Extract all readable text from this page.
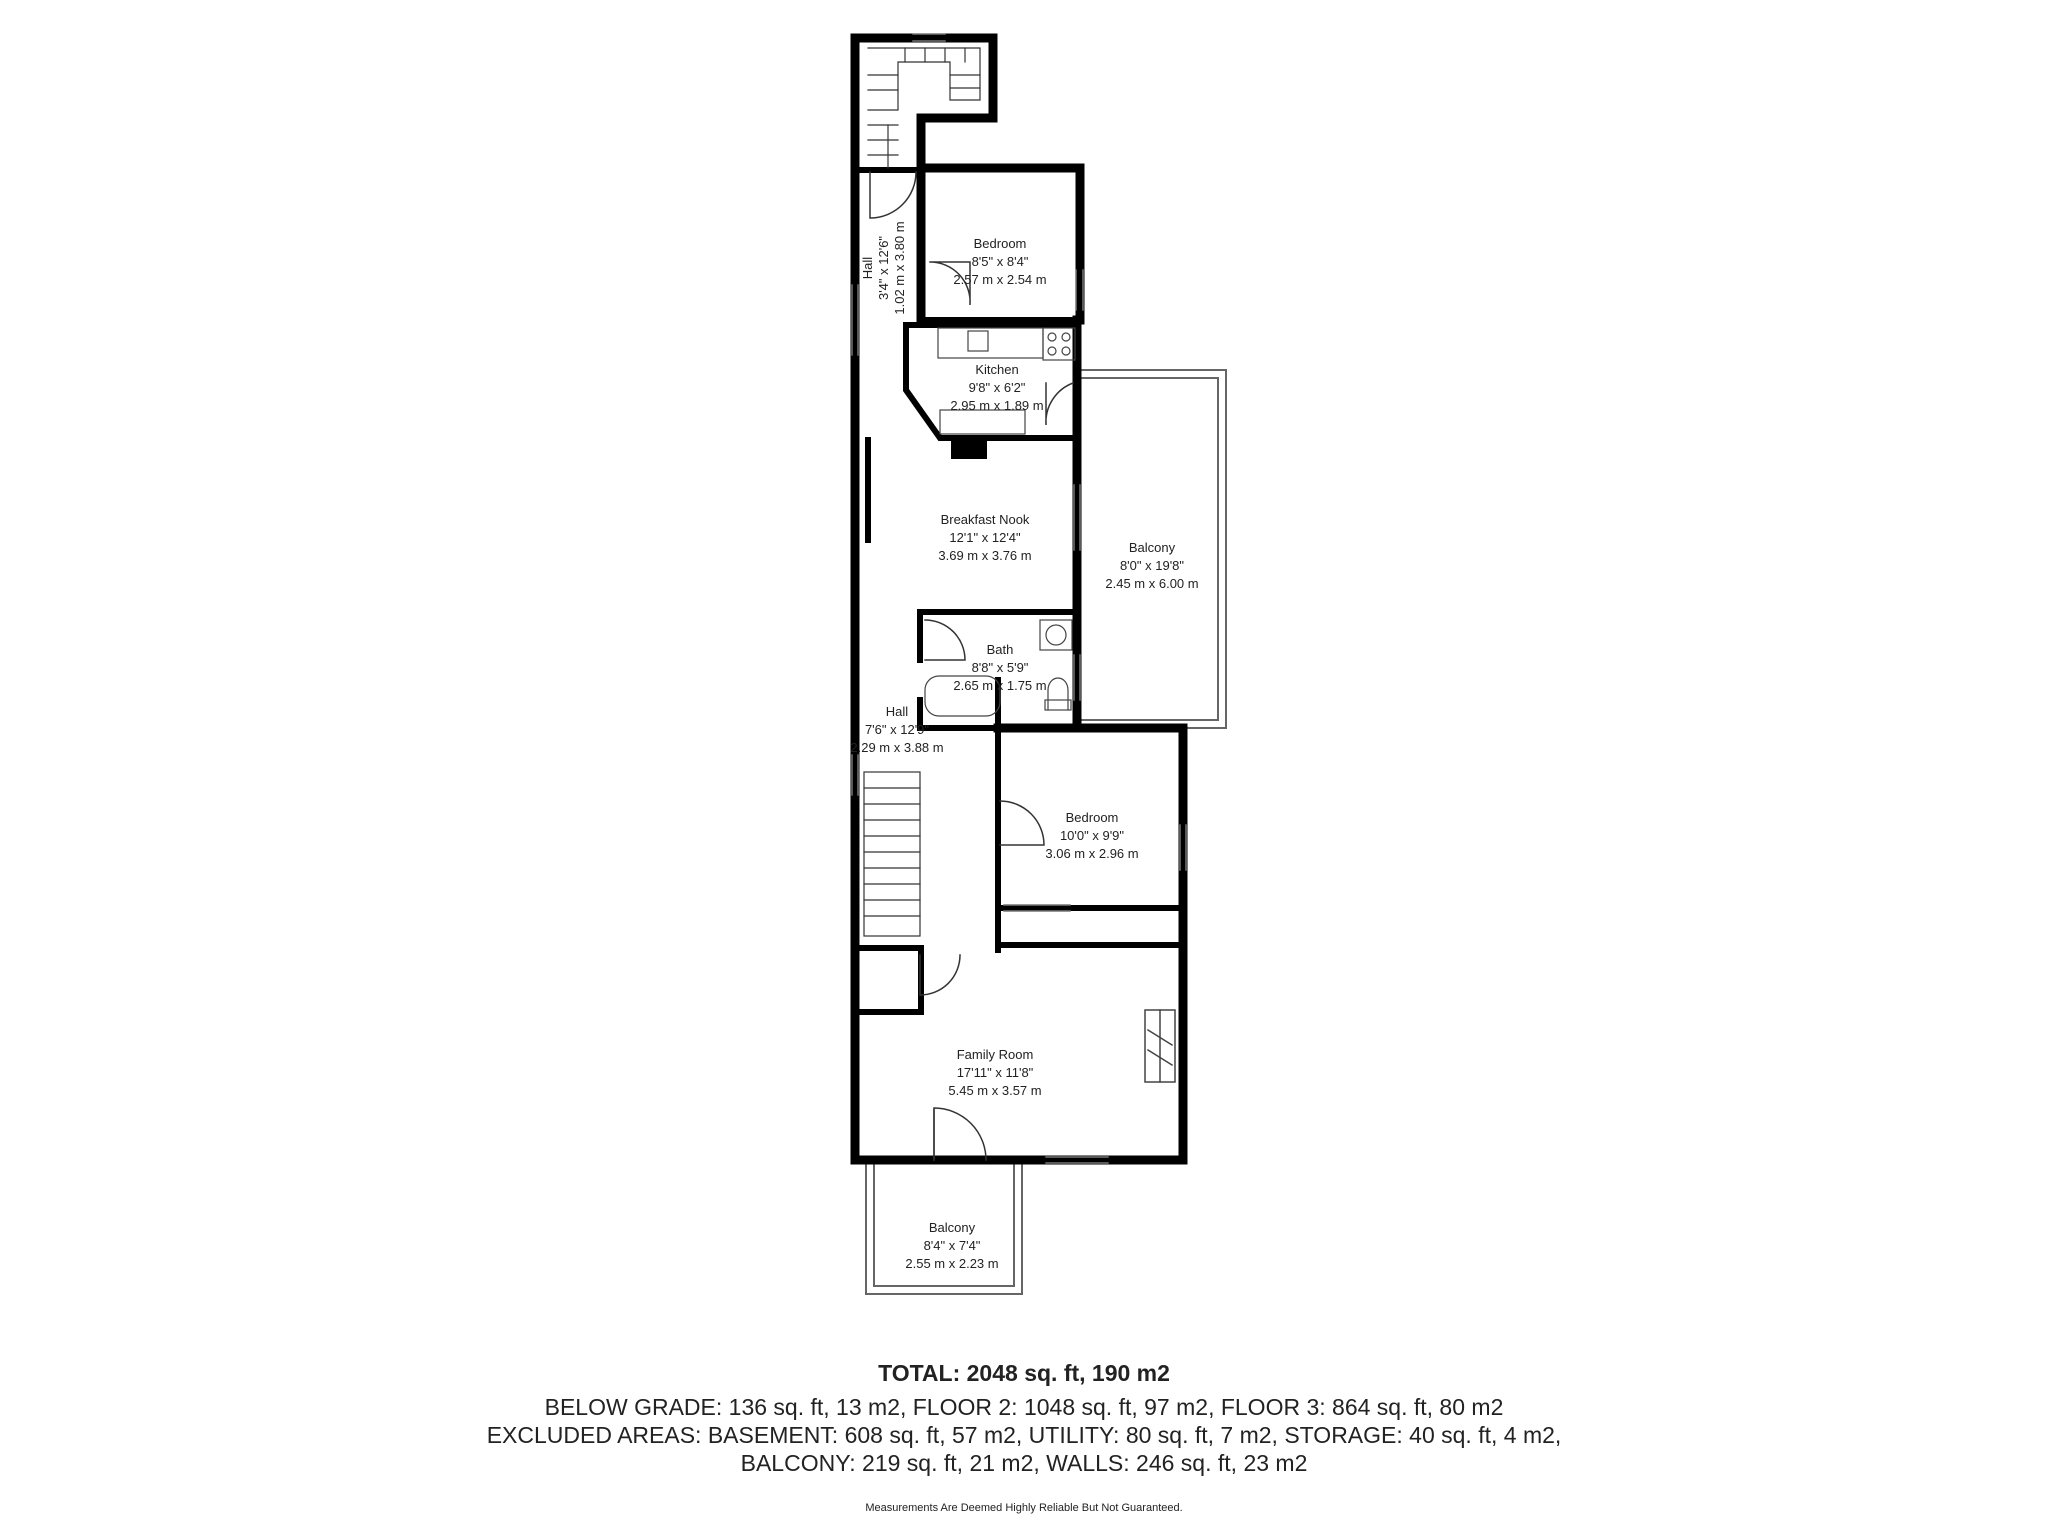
Hall 3'4" x 12'6" 1.02 m x 3.80 m	Bedroom
8'5" x 8'4"
2.57 m x 2.54 m
Kitchen
9'8" x 6'2"
2.95 m x 1.89 m
Breakfast Nook
12'1" x 12'4"
3.69 m x 3.76 m
Balcony
8'0" x 19'8"
2.45 m x 6.00 m
Bath
8'8" x 5'9"
2.65 m x 1.75 m
Hall
7'6" x 12'9"
2.29 m x 3.88 m
Bedroom
10'0" x 9'9"
3.06 m x 2.96 m
Family Room
17'11" x 11'8"
5.45 m x 3.57 m
Balcony
8'4" x 7'4"
2.55 m x 2.23 m
TOTAL: 2048 sq. ft, 190 m2
BELOW GRADE: 136 sq. ft, 13 m2, FLOOR 2: 1048 sq. ft, 97 m2, FLOOR 3: 864 sq. ft, 80 m2
EXCLUDED AREAS: BASEMENT: 608 sq. ft, 57 m2, UTILITY: 80 sq. ft, 7 m2, STORAGE: 40 sq. ft, 4 m2,
BALCONY: 219 sq. ft, 21 m2, WALLS: 246 sq. ft, 23 m2
Measurements Are Deemed Highly Reliable But Not Guaranteed.
